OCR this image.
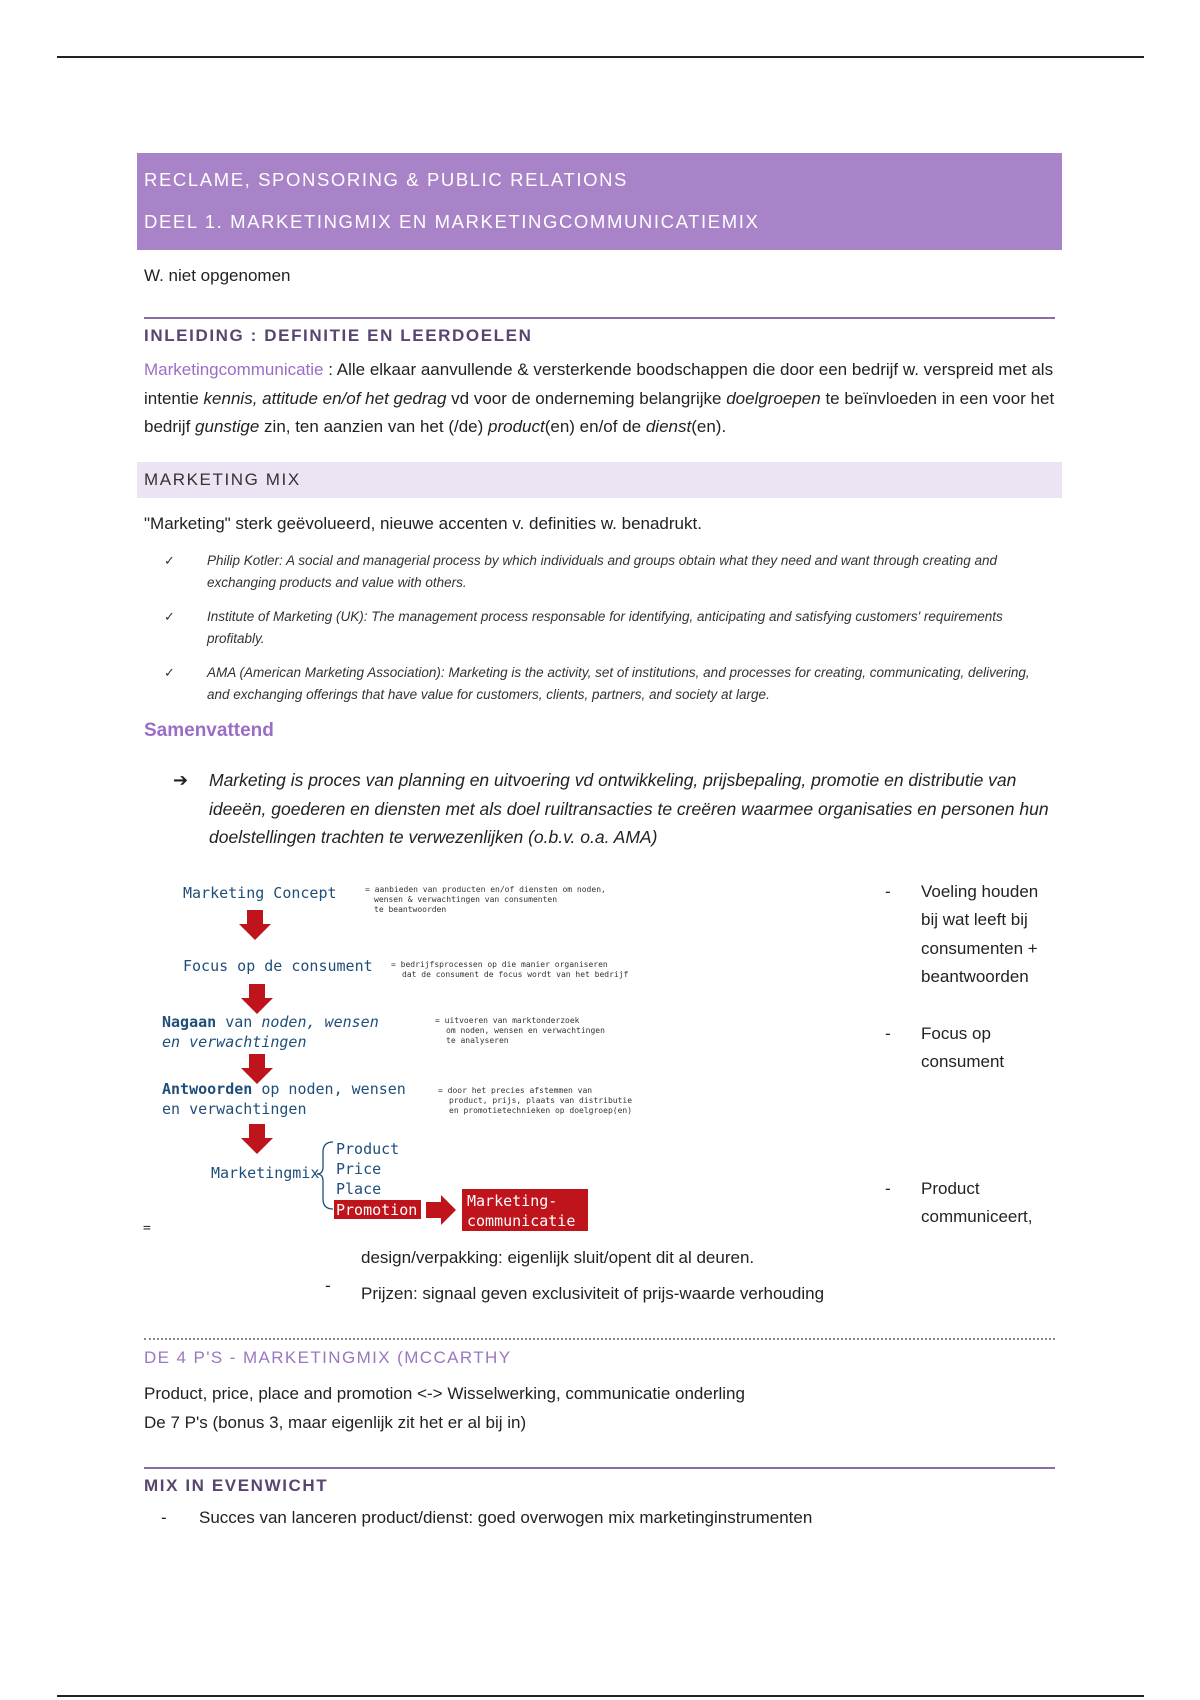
RECLAME, SPONSORING & PUBLIC RELATIONS
DEEL 1. MARKETINGMIX EN MARKETINGCOMMUNICATIEMIX
W. niet opgenomen
INLEIDING : DEFINITIE EN LEERDOELEN
Marketingcommunicatie : Alle elkaar aanvullende & versterkende boodschappen die door een bedrijf w. verspreid met als intentie kennis, attitude en/of het gedrag vd voor de onderneming belangrijke doelgroepen te beïnvloeden in een voor het bedrijf gunstige zin, ten aanzien van het (/de) product(en) en/of de dienst(en).
MARKETING MIX
"Marketing" sterk geëvolueerd, nieuwe accenten v. definities w. benadrukt.
✓	Philip Kotler: A social and managerial process by which individuals and groups obtain what they need and want through creating and exchanging products and value with others.
✓	Institute of Marketing (UK): The management process responsable for identifying, anticipating and satisfying customers' requirements profitably.
✓	AMA (American Marketing Association): Marketing is the activity, set of institutions, and processes for creating, communicating, delivering, and exchanging offerings that have value for customers, clients, partners, and society at large.
Samenvattend
➔	Marketing is proces van planning en uitvoering vd ontwikkeling, prijsbepaling, promotie en distributie van ideeën, goederen en diensten met als doel ruiltransacties te creëren waarmee organisaties en personen hun doelstellingen trachten te verwezenlijken (o.b.v. o.a. AMA)
Marketing Concept	= aanbieden van producten en/of diensten om noden,
wensen & verwachtingen van consumenten
te beantwoorden
Focus op de consument = bedrijfsprocessen op die manier organiseren
dat de consument de focus wordt van het bedrijf
Nagaan van noden, wensen
en verwachtingen
= uitvoeren van marktonderzoek
om noden, wensen en verwachtingen
te analyseren
Antwoorden op noden, wensen
en verwachtingen
= door het precies afstemmen van
product, prijs, plaats van distributie
en promotietechnieken op doelgroep(en)
Marketingmix
Product
Price
Place
Promotion	Marketing-
communicatie
=
design/verpakking: eigenlijk sluit/opent dit al deuren.
-
-	Voeling houden
bij wat leeft bij
consumenten +
beantwoorden
-	Focus op
consument
-	Product
communiceert,
Prijzen: signaal geven exclusiviteit of prijs-waarde verhouding
DE 4 P'S - MARKETINGMIX (MCCARTHY
Product, price, place and promotion <-> Wisselwerking, communicatie onderling
De 7 P's (bonus 3, maar eigenlijk zit het er al bij in)
MIX IN EVENWICHT
-	Succes van lanceren product/dienst: goed overwogen mix marketinginstrumenten
